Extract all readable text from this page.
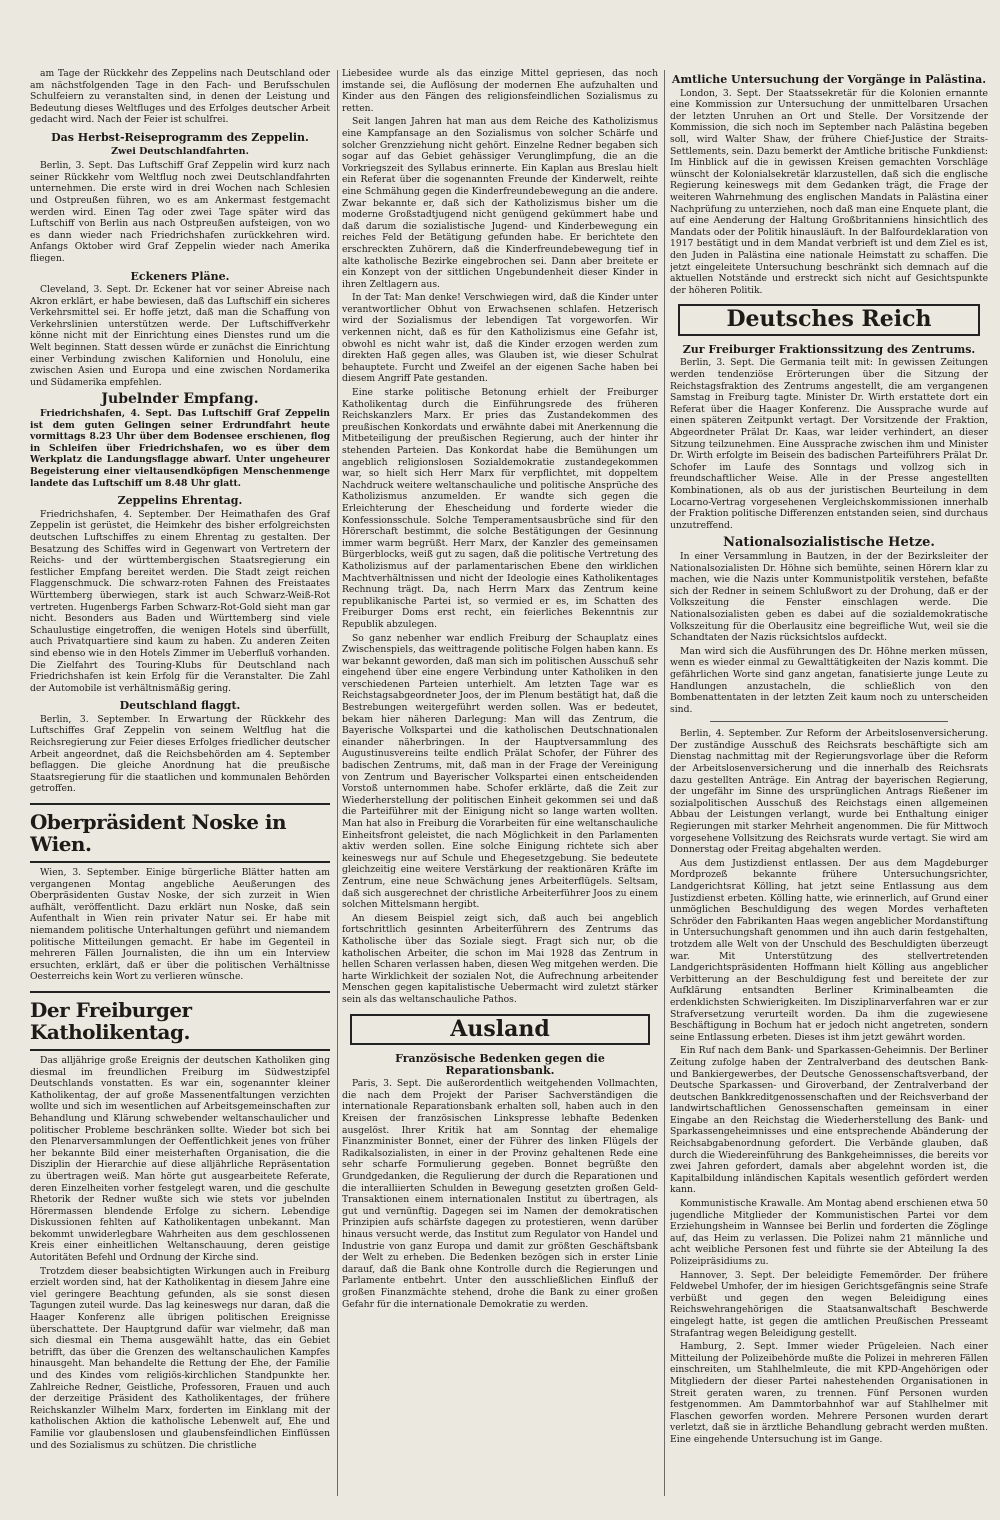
am Tage der Rückkehr des Zeppelins nach Deutschland oder am nächstfolgenden Tage in den Fach- und Berufsschulen Schulfeiern zu veranstalten sind, in denen der Leistung und Bedeutung dieses Weltfluges und des Erfolges deutscher Arbeit gedacht wird. Nach der Feier ist schulfrei.

Das Herbst-Reiseprogramm des Zeppelin.
Zwei Deutschlandfahrten.

Berlin, 3. Sept. Das Luftschiff Graf Zeppelin wird kurz nach seiner Rückkehr vom Weltflug noch zwei Deutschlandfahrten unternehmen. Die erste wird in drei Wochen nach Schlesien und Ostpreußen führen, wo es am Ankermast festgemacht werden wird. Einen Tag oder zwei Tage später wird das Luftschiff von Berlin aus nach Ostpreußen aufsteigen, von wo es dann wieder nach Friedrichshafen zurückkehren wird. Anfangs Oktober wird Graf Zeppelin wieder nach Amerika fliegen.

Eckeners Pläne.

Cleveland, 3. Sept. Dr. Eckener hat vor seiner Abreise nach Akron erklärt, er habe bewiesen, daß das Luftschiff ein sicheres Verkehrsmittel sei. Er hoffe jetzt, daß man die Schaffung von Verkehrslinien unterstützen werde. Der Luftschiffverkehr könne nicht mit der Einrichtung eines Dienstes rund um die Welt beginnen. Statt dessen würde er zunächst die Einrichtung einer Verbindung zwischen Kalifornien und Honolulu, eine zwischen Asien und Europa und eine zwischen Nordamerika und Südamerika empfehlen.

Jubelnder Empfang.

Friedrichshafen, 4. Sept. Das Luftschiff Graf Zeppelin ist dem guten Gelingen seiner Erdrundfahrt heute vormittags 8.23 Uhr über dem Bodensee erschienen, flog in Schleifen über Friedrichshafen, wo es über dem Werkplatz die Landungsflagge abwarf. Unter ungeheurer Begeisterung einer vieltausendköpfigen Menschenmenge landete das Luftschiff um 8.48 Uhr glatt.

Zeppelins Ehrentag.

Friedrichshafen, 4. September. Der Heimathafen des Graf Zeppelin ist gerüstet, die Heimkehr des bisher erfolgreichsten deutschen Luftschiffes zu einem Ehrentag zu gestalten. Der Besatzung des Schiffes wird in Gegenwart von Vertretern der Reichs- und der württembergischen Staatsregierung ein festlicher Empfang bereitet werden. Die Stadt zeigt reichen Flaggenschmuck. Die schwarz-roten Fahnen des Freistaates Württemberg überwiegen, stark ist auch Schwarz-Weiß-Rot vertreten. Hugenbergs Farben Schwarz-Rot-Gold sieht man gar nicht. Besonders aus Baden und Württemberg sind viele Schaulustige eingetroffen, die wenigen Hotels sind überfüllt, auch Privatquartiere sind kaum zu haben. Zu anderen Zeiten sind ebenso wie in den Hotels Zimmer im Ueberfluß vorhanden. Die Zielfahrt des Touring-Klubs für Deutschland nach Friedrichshafen ist kein Erfolg für die Veranstalter. Die Zahl der Automobile ist verhältnismäßig gering.

Deutschland flaggt.

Berlin, 3. September. In Erwartung der Rückkehr des Luftschiffes Graf Zeppelin von seinem Weltflug hat die Reichsregierung zur Feier dieses Erfolges friedlicher deutscher Arbeit angeordnet, daß die Reichsbehörden am 4. September beflaggen. Die gleiche Anordnung hat die preußische Staatsregierung für die staatlichen und kommunalen Behörden getroffen.

Oberpräsident Noske in Wien.

Wien, 3. September. Einige bürgerliche Blätter hatten am vergangenen Montag angebliche Aeußerungen des Oberpräsidenten Gustav Noske, der sich zurzeit in Wien aufhält, veröffentlicht. Dazu erklärt nun Noske, daß sein Aufenthalt in Wien rein privater Natur sei. Er habe mit niemandem politische Unterhaltungen geführt und niemandem politische Mitteilungen gemacht. Er habe im Gegenteil in mehreren Fällen Journalisten, die ihn um ein Interview ersuchten, erklärt, daß er über die politischen Verhältnisse Oesterreichs kein Wort zu verlieren wünsche.

Der Freiburger Katholikentag.

Das alljährige große Ereignis der deutschen Katholiken ging diesmal im freundlichen Freiburg im Südwestzipfel Deutschlands vonstatten. Es war ein, sogenannter kleiner Katholikentag, der auf große Massenentfaltungen verzichten wollte und sich im wesentlichen auf Arbeitsgemeinschaften zur Behandlung und Klärung schwebender weltanschaulicher und politischer Probleme beschränken sollte. Wieder bot sich bei den Plenarversammlungen der Oeffentlichkeit jenes von früher her bekannte Bild einer meisterhaften Organisation, die die Disziplin der Hierarchie auf diese alljährliche Repräsentation zu übertragen weiß. Man hörte gut ausgearbeitete Referate, deren Einzelheiten vorher festgelegt waren, und die geschulte Rhetorik der Redner wußte sich wie stets vor jubelnden Hörermassen blendende Erfolge zu sichern. Lebendige Diskussionen fehlten auf Katholikentagen unbekannt. Man bekommt unwiderlegbare Wahrheiten aus dem geschlossenen Kreis einer einheitlichen Weltanschauung, deren geistige Autoritäten Befehl und Ordnung der Kirche sind.

Trotzdem dieser beabsichtigten Wirkungen auch in Freiburg erzielt worden sind, hat der Katholikentag in diesem Jahre eine viel geringere Beachtung gefunden, als sie sonst diesen Tagungen zuteil wurde. Das lag keineswegs nur daran, daß die Haager Konferenz alle übrigen politischen Ereignisse überschattete. Der Hauptgrund dafür war vielmehr, daß man sich diesmal ein Thema ausgewählt hatte, das ein Gebiet betrifft, das über die Grenzen des weltanschaulichen Kampfes hinausgeht. Man behandelte die Rettung der Ehe, der Familie und des Kindes vom religiös-kirchlichen Standpunkte her. Zahlreiche Redner, Geistliche, Professoren, Frauen und auch der derzeitige Präsident des Katholikentages, der frühere Reichskanzler Wilhelm Marx, forderten im Einklang mit der katholischen Aktion die katholische Lebenwelt auf, Ehe und Familie vor glaubenslosen und glaubensfeindlichen Einflüssen und des Sozialismus zu schützen. Die christliche

Liebesidee wurde als das einzige Mittel gepriesen, das noch imstande sei, die Auflösung der modernen Ehe aufzuhalten und Kinder aus den Fängen des religionsfeindlichen Sozialismus zu retten.

Seit langen Jahren hat man aus dem Reiche des Katholizismus eine Kampfansage an den Sozialismus von solcher Schärfe und solcher Grenzziehung nicht gehört. Einzelne Redner begaben sich sogar auf das Gebiet gehässiger Verunglimpfung, die an die Vorkriegszeit des Syllabus erinnerte. Ein Kaplan aus Breslau hielt ein Referat über die sogenannten Freunde der Kinderwelt, reihte eine Schmähung gegen die Kinderfreundebewegung an die andere. Zwar bekannte er, daß sich der Katholizismus bisher um die moderne Großstadtjugend nicht genügend gekümmert habe und daß darum die sozialistische Jugend- und Kinderbewegung ein reiches Feld der Betätigung gefunden habe. Er berichtete den erschreckten Zuhörern, daß die Kinderfreundebewegung tief in alte katholische Bezirke eingebrochen sei. Dann aber breitete er ein Konzept von der sittlichen Ungebundenheit dieser Kinder in ihren Zeltlagern aus.

In der Tat: Man denke! Verschwiegen wird, daß die Kinder unter verantwortlicher Obhut von Erwachsenen schlafen. Hetzerisch wird der Sozialismus der lebendigen Tat vorgeworfen. Wir verkennen nicht, daß es für den Katholizismus eine Gefahr ist, obwohl es nicht wahr ist, daß die Kinder erzogen werden zum direkten Haß gegen alles, was Glauben ist, wie dieser Schulrat behauptete. Furcht und Zweifel an der eigenen Sache haben bei diesem Angriff Pate gestanden.

Eine starke politische Betonung erhielt der Freiburger Katholikentag durch die Einführungsrede des früheren Reichskanzlers Marx. Er pries das Zustandekommen des preußischen Konkordats und erwähnte dabei mit Anerkennung die Mitbeteiligung der preußischen Regierung, auch der hinter ihr stehenden Parteien. Das Konkordat habe die Bemühungen um angeblich religionslosen Sozialdemokratie zustandegekommen war, so hielt sich Herr Marx für verpflichtet, mit doppeltem Nachdruck weitere weltanschauliche und politische Ansprüche des Katholizismus anzumelden. Er wandte sich gegen die Erleichterung der Ehescheidung und forderte wieder die Konfessionsschule. Solche Temperamentsausbrüche sind für den Hörerschaft bestimmt, die solche Bestätigungen der Gesinnung immer warm begrüßt. Herr Marx, der Kanzler des gemeinsamen Bürgerblocks, weiß gut zu sagen, daß die politische Vertretung des Katholizismus auf der parlamentarischen Ebene den wirklichen Machtverhältnissen und nicht der Ideologie eines Katholikentages Rechnung trägt. Da, nach Herrn Marx das Zentrum keine republikanische Partei ist, so vermied er es, im Schatten des Freiburger Doms erst recht, ein feierliches Bekenntnis zur Republik abzulegen.

So ganz nebenher war endlich Freiburg der Schauplatz eines Zwischenspiels, das weittragende politische Folgen haben kann. Es war bekannt geworden, daß man sich im politischen Ausschuß sehr eingehend über eine engere Verbindung unter Katholiken in den verschiedenen Parteien unterhielt. Am letzten Tage war es Reichstagsabgeordneter Joos, der im Plenum bestätigt hat, daß die Bestrebungen weitergeführt werden sollen. Was er bedeutet, bekam hier näheren Darlegung: Man will das Zentrum, die Bayerische Volkspartei und die katholischen Deutschnationalen einander näherbringen. In der Hauptversammlung des Augustinusvereins teilte endlich Prälat Schofer, der Führer des badischen Zentrums, mit, daß man in der Frage der Vereinigung von Zentrum und Bayerischer Volkspartei einen entscheidenden Vorstoß unternommen habe. Schofer erklärte, daß die Zeit zur Wiederherstellung der politischen Einheit gekommen sei und daß die Parteiführer mit der Einigung nicht so lange warten wollten. Man hat also in Freiburg die Vorarbeiten für eine weltanschauliche Einheitsfront geleistet, die nach Möglichkeit in den Parlamenten aktiv werden sollen. Eine solche Einigung richtete sich aber keineswegs nur auf Schule und Ehegesetzgebung. Sie bedeutete gleichzeitig eine weitere Verstärkung der reaktionären Kräfte im Zentrum, eine neue Schwächung jenes Arbeiterflügels. Seltsam, daß sich ausgerechnet der christliche Arbeiterführer Joos zu einem solchen Mittelsmann hergibt.

An diesem Beispiel zeigt sich, daß auch bei angeblich fortschrittlich gesinnten Arbeiterführern des Zentrums das Katholische über das Soziale siegt. Fragt sich nur, ob die katholischen Arbeiter, die schon im Mai 1928 das Zentrum in hellen Scharen verlassen haben, diesen Weg mitgehen werden. Die harte Wirklichkeit der sozialen Not, die Aufrechnung arbeitender Menschen gegen kapitalistische Uebermacht wird zuletzt stärker sein als das weltanschauliche Pathos.

Ausland
Französische Bedenken gegen die Reparationsbank.

Paris, 3. Sept. Die außerordentlich weitgehenden Vollmachten, die nach dem Projekt der Pariser Sachverständigen die internationale Reparationsbank erhalten soll, haben auch in den Kreisen der französischen Linkspresse lebhafte Bedenken ausgelöst. Ihrer Kritik hat am Sonntag der ehemalige Finanzminister Bonnet, einer der Führer des linken Flügels der Radikalsozialisten, in einer in der Provinz gehaltenen Rede eine sehr scharfe Formulierung gegeben. Bonnet begrüßte den Grundgedanken, die Regulierung der durch die Reparationen und die interalliierten Schulden in Bewegung gesetzten großen Geld-Transaktionen einem internationalen Institut zu übertragen, als gut und vernünftig. Dagegen sei im Namen der demokratischen Prinzipien aufs schärfste dagegen zu protestieren, wenn darüber hinaus versucht werde, das Institut zum Regulator von Handel und Industrie von ganz Europa und damit zur größten Geschäftsbank der Welt zu erheben. Die Bedenken bezögen sich in erster Linie darauf, daß die Bank ohne Kontrolle durch die Regierungen und Parlamente entbehrt. Unter den ausschließlichen Einfluß der großen Finanzmächte stehend, drohe die Bank zu einer großen Gefahr für die internationale Demokratie zu werden.

Amtliche Untersuchung der Vorgänge in Palästina.

London, 3. Sept. Der Staatssekretär für die Kolonien ernannte eine Kommission zur Untersuchung der unmittelbaren Ursachen der letzten Unruhen an Ort und Stelle. Der Vorsitzende der Kommission, die sich noch im September nach Palästina begeben soll, wird Walter Shaw, der frühere Chief-Justice der Straits-Settlements, sein. Dazu bemerkt der Amtliche britische Funkdienst: Im Hinblick auf die in gewissen Kreisen gemachten Vorschläge wünscht der Kolonialsekretär klarzustellen, daß sich die englische Regierung keineswegs mit dem Gedanken trägt, die Frage der weiteren Wahrnehmung des englischen Mandats in Palästina einer Nachprüfung zu unterziehen, noch daß man eine Enquete plant, die auf eine Aenderung der Haltung Großbritanniens hinsichtlich des Mandats oder der Politik hinausläuft. In der Balfourdeklaration von 1917 bestätigt und in dem Mandat verbrieft ist und dem Ziel es ist, den Juden in Palästina eine nationale Heimstatt zu schaffen. Die jetzt eingeleitete Untersuchung beschränkt sich demnach auf die aktuellen Notstände und erstreckt sich nicht auf Gesichtspunkte der höheren Politik.

Deutsches Reich
Zur Freiburger Fraktionssitzung des Zentrums.

Berlin, 3. Sept. Die Germania teilt mit: In gewissen Zeitungen werden tendenziöse Erörterungen über die Sitzung der Reichstagsfraktion des Zentrums angestellt, die am vergangenen Samstag in Freiburg tagte. Minister Dr. Wirth erstattete dort ein Referat über die Haager Konferenz. Die Aussprache wurde auf einen späteren Zeitpunkt vertagt. Der Vorsitzende der Fraktion, Abgeordneter Prälat Dr. Kaas, war leider verhindert, an dieser Sitzung teilzunehmen. Eine Aussprache zwischen ihm und Minister Dr. Wirth erfolgte im Beisein des badischen Parteiführers Prälat Dr. Schofer im Laufe des Sonntags und vollzog sich in freundschaftlicher Weise. Alle in der Presse angestellten Kombinationen, als ob aus der juristischen Beurteilung in dem Locarno-Vertrag vorgesehenen Vergleichskommissionen innerhalb der Fraktion politische Differenzen entstanden seien, sind durchaus unzutreffend.

Nationalsozialistische Hetze.

In einer Versammlung in Bautzen, in der der Bezirksleiter der Nationalsozialisten Dr. Höhne sich bemühte, seinen Hörern klar zu machen, wie die Nazis unter Kommunistpolitik verstehen, befaßte sich der Redner in seinem Schlußwort zu der Drohung, daß er der Volkszeitung die Fenster einschlagen werde. Die Nationalsozialisten geben es dabei auf die sozialdemokratische Volkszeitung für die Oberlausitz eine begreifliche Wut, weil sie die Schandtaten der Nazis rücksichtslos aufdeckt.

Man wird sich die Ausführungen des Dr. Höhne merken müssen, wenn es wieder einmal zu Gewalttätigkeiten der Nazis kommt. Die gefährlichen Worte sind ganz angetan, fanatisierte junge Leute zu Handlungen anzustacheln, die schließlich von den Bombenattentaten in der letzten Zeit kaum noch zu unterscheiden sind.

Berlin, 4. September. Zur Reform der Arbeitslosenversicherung. Der zuständige Ausschuß des Reichsrats beschäftigte sich am Dienstag nachmittag mit der Regierungsvorlage über die Reform der Arbeitslosenversicherung und die innerhalb des Reichsrats dazu gestellten Anträge. Ein Antrag der bayerischen Regierung, der ungefähr im Sinne des ursprünglichen Antrags Rießener im sozialpolitischen Ausschuß des Reichstags einen allgemeinen Abbau der Leistungen verlangt, wurde bei Enthaltung einiger Regierungen mit starker Mehrheit angenommen. Die für Mittwoch vorgesehene Vollsitzung des Reichsrats wurde vertagt. Sie wird am Donnerstag oder Freitag abgehalten werden.

Aus dem Justizdienst entlassen. Der aus dem Magdeburger Mordprozeß bekannte frühere Untersuchungsrichter, Landgerichtsrat Kölling, hat jetzt seine Entlassung aus dem Justizdienst erbeten. Kölling hatte, wie erinnerlich, auf Grund einer unmöglichen Beschuldigung des wegen Mordes verhafteten Schröder den Fabrikanten Haas wegen angeblicher Mordanstiftung in Untersuchungshaft genommen und ihn auch darin festgehalten, trotzdem alle Welt von der Unschuld des Beschuldigten überzeugt war. Mit Unterstützung des stellvertretenden Landgerichtspräsidenten Hoffmann hielt Kölling aus angeblicher Verbitterung an der Beschuldigung fest und bereitete der zur Aufklärung entsandten Berliner Kriminalbeamten die erdenklichsten Schwierigkeiten. Im Disziplinarverfahren war er zur Strafversetzung verurteilt worden. Da ihm die zugewiesene Beschäftigung in Bochum hat er jedoch nicht angetreten, sondern seine Entlassung erbeten. Dieses ist ihm jetzt gewährt worden.

Ein Ruf nach dem Bank- und Sparkassen-Geheimnis. Der Berliner Zeitung zufolge haben der Zentralverband des deutschen Bank- und Bankiergewerbes, der Deutsche Genossenschaftsverband, der Deutsche Sparkassen- und Giroverband, der Zentralverband der deutschen Bankkreditgenossenschaften und der Reichsverband der landwirtschaftlichen Genossenschaften gemeinsam in einer Eingabe an den Reichstag die Wiederherstellung des Bank- und Sparkassengeheimnisses und eine entsprechende Abänderung der Reichsabgabenordnung gefordert. Die Verbände glauben, daß durch die Wiedereinführung des Bankgeheimnisses, die bereits vor zwei Jahren gefordert, damals aber abgelehnt worden ist, die Kapitalbildung inländischen Kapitals wesentlich gefördert werden kann.

Kommunistische Krawalle. Am Montag abend erschienen etwa 50 jugendliche Mitglieder der Kommunistischen Partei vor dem Erziehungsheim in Wannsee bei Berlin und forderten die Zöglinge auf, das Heim zu verlassen. Die Polizei nahm 21 männliche und acht weibliche Personen fest und führte sie der Abteilung Ia des Polizeipräsidiums zu.

Hannover, 3. Sept. Der beleidigte Fememörder. Der frühere Feldwebel Umhofer, der im hiesigen Gerichtsgefängnis seine Strafe verbüßt und gegen den wegen Beleidigung eines Reichswehrangehörigen die Staatsanwaltschaft Beschwerde eingelegt hatte, ist gegen die amtlichen Preußischen Presseamt Strafantrag wegen Beleidigung gestellt.

Hamburg, 2. Sept. Immer wieder Prügeleien. Nach einer Mitteilung der Polizeibehörde mußte die Polizei in mehreren Fällen einschreiten, um Stahlhelmleute, die mit KPD-Angehörigen oder Mitgliedern der dieser Partei nahestehenden Organisationen in Streit geraten waren, zu trennen. Fünf Personen wurden festgenommen. Am Dammtorbahnhof war auf Stahlhelmer mit Flaschen geworfen worden. Mehrere Personen wurden derart verletzt, daß sie in ärztliche Behandlung gebracht werden mußten. Eine eingehende Untersuchung ist im Gange.
